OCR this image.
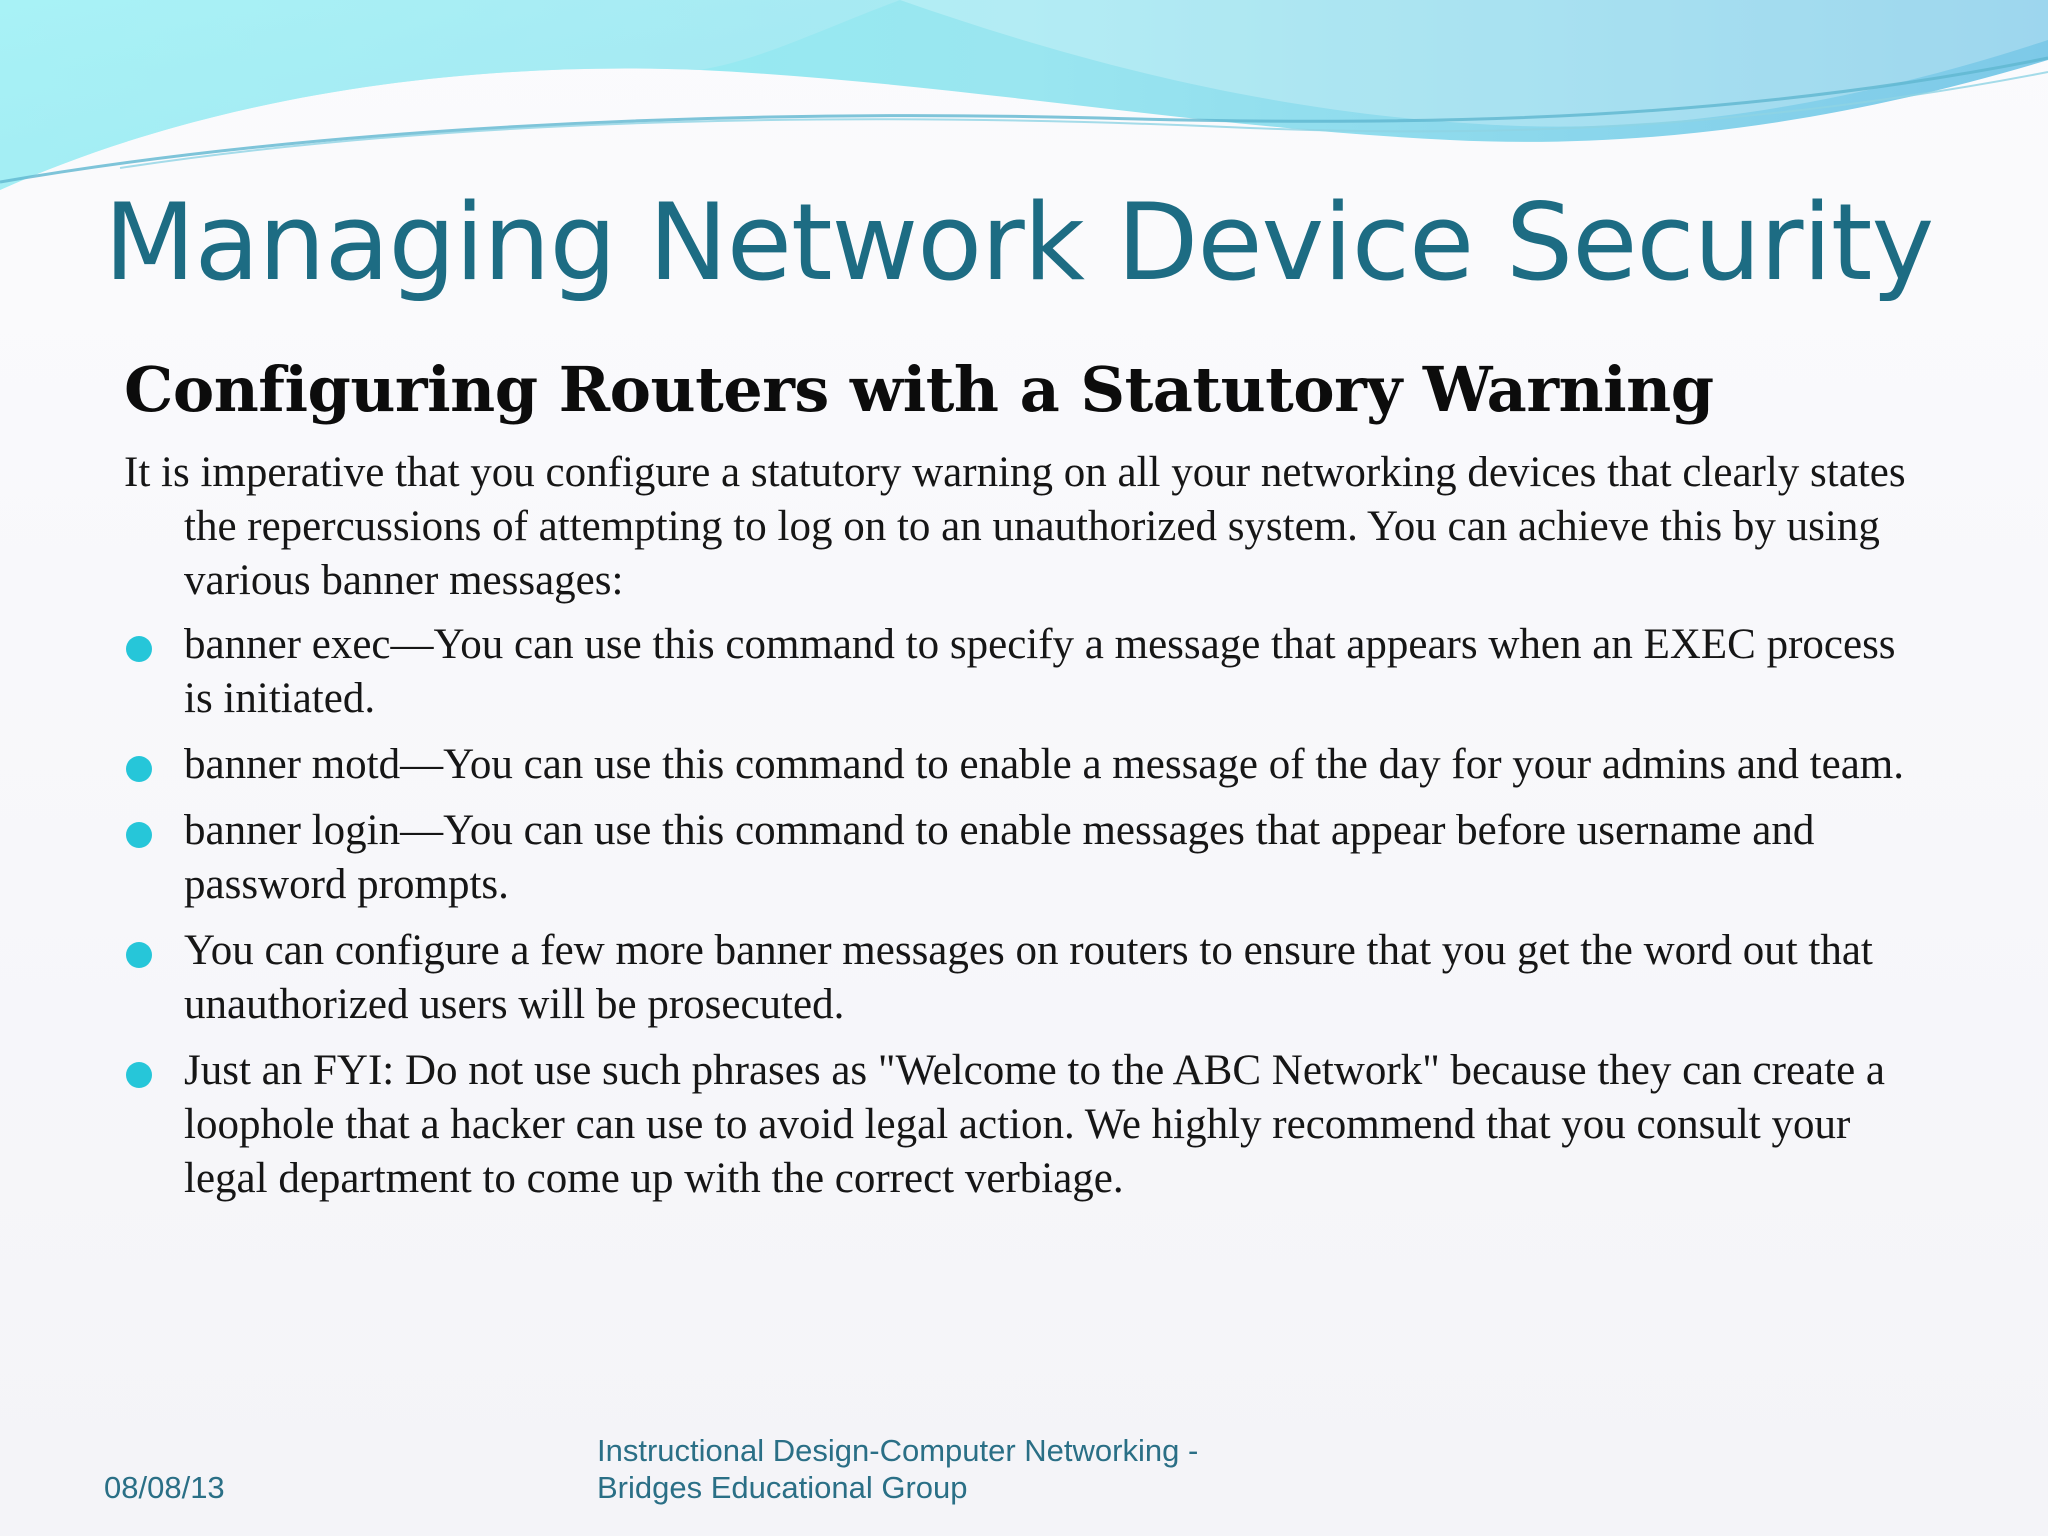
Managing Network Device Security
Configuring Routers with a Statutory Warning

It is imperative that you configure a statutory warning on all your networking devices that clearly states the repercussions of attempting to log on to an unauthorized system. You can achieve this by using various banner messages:

banner exec—You can use this command to specify a message that appears when an EXEC process is initiated.
banner motd—You can use this command to enable a message of the day for your admins and team.
banner login—You can use this command to enable messages that appear before username and password prompts.
You can configure a few more banner messages on routers to ensure that you get the word out that unauthorized users will be prosecuted.
Just an FYI: Do not use such phrases as "Welcome to the ABC Network" because they can create a loophole that a hacker can use to avoid legal action. We highly recommend that you consult your legal department to come up with the correct verbiage.
08/08/13
Instructional Design-Computer Networking -
Bridges Educational Group
